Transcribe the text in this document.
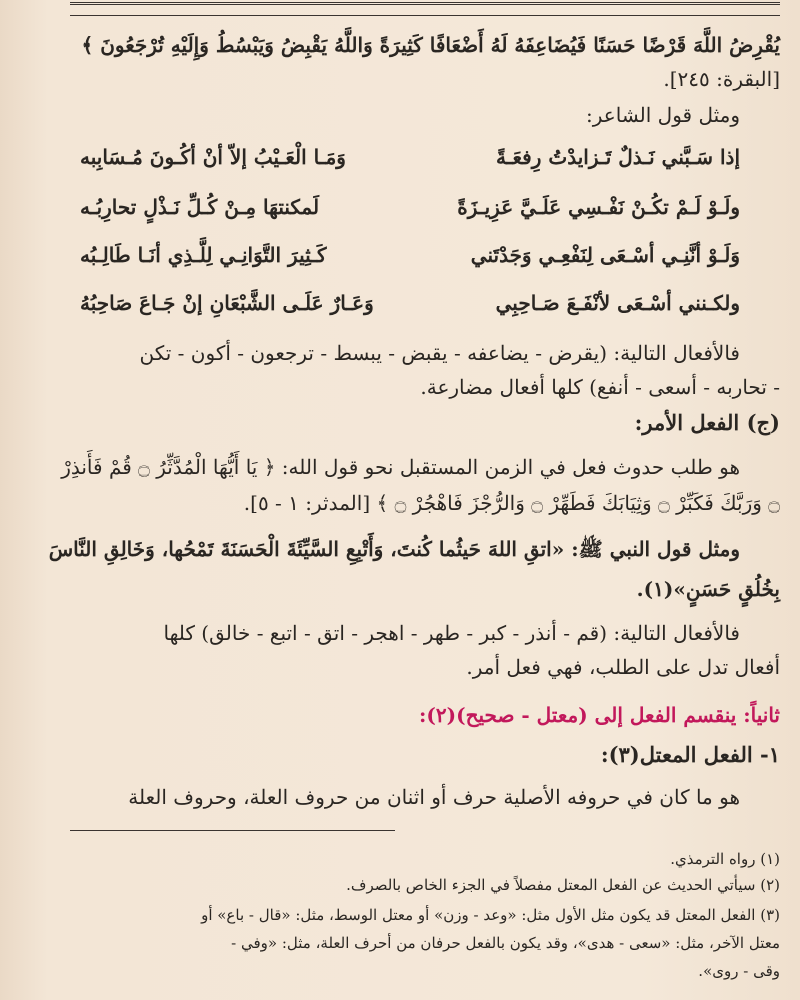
يُقْرِضُ اللَّهَ قَرْضًا حَسَنًا فَيُضَاعِفَهُ لَهُ أَضْعَافًا كَثِيرَةً وَاللَّهُ يَقْبِضُ وَيَبْسُطُ وَإِلَيْهِ تُرْجَعُونَ ﴾
[البقرة: ٢٤٥].
ومثل قول الشاعر:
إذا سَـبَّني نَـذلٌ تَـزايدْتُ رِفعَـةً
وَمَـا الْعَـيْبُ إلاّ أنْ أكُـونَ مُـسَابِبه
ولَـوْ لَـمْ تكُـنْ نَفْـسِي عَلَـيَّ عَزِيـزَةً
لَمكنتهَا مِـنْ كُـلِّ نَـذْلٍ تحارِبُـه
وَلَـوْ أنَّنِـي أسْـعَى لِنَفْعِـي وَجَدْتَني
كَـثِيرَ التَّوَانِـي لِلَّـذِي أنَـا طَالِـبُه
ولكـنني أسْـعَى لأنْفَـعَ صَـاحِبِي
وَعَـارٌ عَلَـى الشَّبْعَانِ إنْ جَـاعَ صَاحِبُهُ
فالأفعال التالية: (يقرض - يضاعفه - يقبض - يبسط - ترجعون - أكون - تكن
- تحاربه - أسعى - أنفع) كلها أفعال مضارعة.
(ج) الفعل الأمر:
هو طلب حدوث فعل في الزمن المستقبل نحو قول الله: ﴿ يَا أَيُّهَا الْمُدَّثِّرُ ۝ قُمْ فَأَنذِرْ
۝ وَرَبَّكَ فَكَبِّرْ ۝ وَثِيَابَكَ فَطَهِّرْ ۝ وَالرُّجْزَ فَاهْجُرْ ۝ ﴾ [المدثر: ١ - ٥].
ومثل قول النبي ﷺ: «اتقِ اللهَ حَيثُما كُنتَ، وَأَتْبِعِ السَّيِّئَةَ الْحَسَنَةَ تَمْحُها، وَخَالِقِ النَّاسَ
بِخُلُقٍ حَسَنٍ»(١).
فالأفعال التالية: (قم - أنذر - كبر - طهر - اهجر - اتق - اتبع - خالق) كلها
أفعال تدل على الطلب، فهي فعل أمر.
ثانياً: ينقسم الفعل إلى (معتل - صحيح)(٢):
١- الفعل المعتل(٣):
هو ما كان في حروفه الأصلية حرف أو اثنان من حروف العلة، وحروف العلة
(١) رواه الترمذي.
(٢) سيأتي الحديث عن الفعل المعتل مفصلاً في الجزء الخاص بالصرف.
(٣) الفعل المعتل قد يكون مثل الأول مثل: «وعد - وزن» أو معتل الوسط، مثل: «قال - باع» أو
معتل الآخر، مثل: «سعى - هدى»، وقد يكون بالفعل حرفان من أحرف العلة، مثل: «وفي -
وقى - روى».
